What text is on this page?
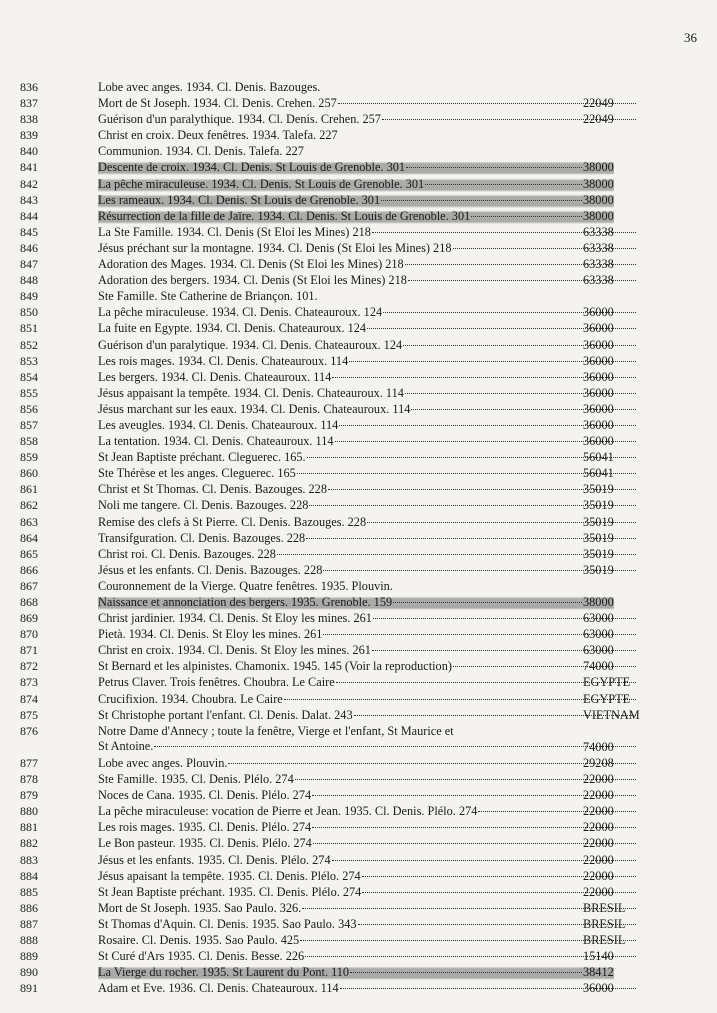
36
836	Lobe avec anges. 1934. Cl. Denis. Bazouges.
837	Mort de St Joseph. 1934. Cl. Denis. Crehen. 257	22049
838	Guérison d'un paralythique. 1934. Cl. Denis. Crehen. 257	22049
839	Christ en croix. Deux fenêtres. 1934. Talefa. 227
840	Communion. 1934. Cl. Denis. Talefa. 227
841	Descente de croix. 1934. Cl. Denis. St Louis de Grenoble. 301	38000
842	La pêche miraculeuse. 1934. Cl. Denis. St Louis de Grenoble. 301	38000
843	Les rameaux. 1934. Cl. Denis. St Louis de Grenoble. 301	38000
844	Résurrection de la fille de Jaïre. 1934. Cl. Denis. St Louis de Grenoble. 301	38000
845	La Ste Famille. 1934. Cl. Denis (St Eloi les Mines) 218	63338
846	Jésus préchant sur la montagne. 1934. Cl. Denis (St Eloi les Mines) 218	63338
847	Adoration des Mages. 1934. Cl. Denis (St Eloi les Mines) 218	63338
848	Adoration des bergers. 1934. Cl. Denis (St Eloi les Mines) 218	63338
849	Ste Famille. Ste Catherine de Briançon. 101.
850	La pêche miraculeuse. 1934. Cl. Denis. Chateauroux. 124	36000
851	La fuite en Egypte. 1934. Cl. Denis. Chateauroux. 124	36000
852	Guérison d'un paralytique. 1934. Cl. Denis. Chateauroux. 124	36000
853	Les rois mages. 1934. Cl. Denis. Chateauroux. 114	36000
854	Les bergers. 1934. Cl. Denis. Chateauroux. 114	36000
855	Jésus appaisant la tempête. 1934. Cl. Denis. Chateauroux. 114	36000
856	Jésus marchant sur les eaux. 1934. Cl. Denis. Chateauroux. 114	36000
857	Les aveugles. 1934. Cl. Denis. Chateauroux. 114	36000
858	La tentation. 1934. Cl. Denis. Chateauroux. 114	36000
859	St Jean Baptiste préchant. Cleguerec. 165.	56041
860	Ste Thérèse et les anges. Cleguerec. 165	56041
861	Christ et St Thomas. Cl. Denis. Bazouges. 228	35019
862	Noli me tangere. Cl. Denis. Bazouges. 228	35019
863	Remise des clefs à St Pierre. Cl. Denis. Bazouges. 228	35019
864	Transifguration. Cl. Denis. Bazouges. 228	35019
865	Christ roi. Cl. Denis. Bazouges. 228	35019
866	Jésus et les enfants. Cl. Denis. Bazouges. 228	35019
867	Couronnement de la Vierge. Quatre fenêtres. 1935. Plouvin.
868	Naissance et annonciation des bergers. 1935. Grenoble. 159	38000
869	Christ jardinier. 1934. Cl. Denis. St Eloy les mines. 261	63000
870	Pietà. 1934. Cl. Denis. St Eloy les mines. 261	63000
871	Christ en croix. 1934. Cl. Denis. St Eloy les mines. 261	63000
872	St Bernard et les alpinistes. Chamonix. 1945. 145 (Voir la reproduction)	74000
873	Petrus Claver. Trois fenêtres. Choubra. Le Caire	EGYPTE
874	Crucifixion. 1934. Choubra. Le Caire	EGYPTE
875	St Christophe portant l'enfant. Cl. Denis. Dalat. 243	VIETNAM
876	Notre Dame d'Annecy ; toute la fenêtre, Vierge et l'enfant, St Maurice et
St Antoine.	74000
877	Lobe avec anges. Plouvin.	29208
878	Ste Famille. 1935. Cl. Denis. Plélo. 274	22000
879	Noces de Cana. 1935. Cl. Denis. Plélo. 274	22000
880	La pêche miraculeuse: vocation de Pierre et Jean. 1935. Cl. Denis. Plélo. 274	22000
881	Les rois mages. 1935. Cl. Denis. Plélo. 274	22000
882	Le Bon pasteur. 1935. Cl. Denis. Plélo. 274	22000
883	Jésus et les enfants. 1935. Cl. Denis. Plélo. 274	22000
884	Jésus apaisant la tempête. 1935. Cl. Denis. Plélo. 274	22000
885	St Jean Baptiste préchant. 1935. Cl. Denis. Plélo. 274	22000
886	Mort de St Joseph. 1935. Sao Paulo. 326.	BRESIL
887	St Thomas d'Aquin. Cl. Denis. 1935. Sao Paulo. 343	BRESIL
888	Rosaire. Cl. Denis. 1935. Sao Paulo. 425	BRESIL
889	St Curé d'Ars 1935. Cl. Denis. Besse. 226	15140
890	La Vierge du rocher. 1935. St Laurent du Pont. 110	38412
891	Adam et Eve. 1936. Cl. Denis. Chateauroux. 114	36000
